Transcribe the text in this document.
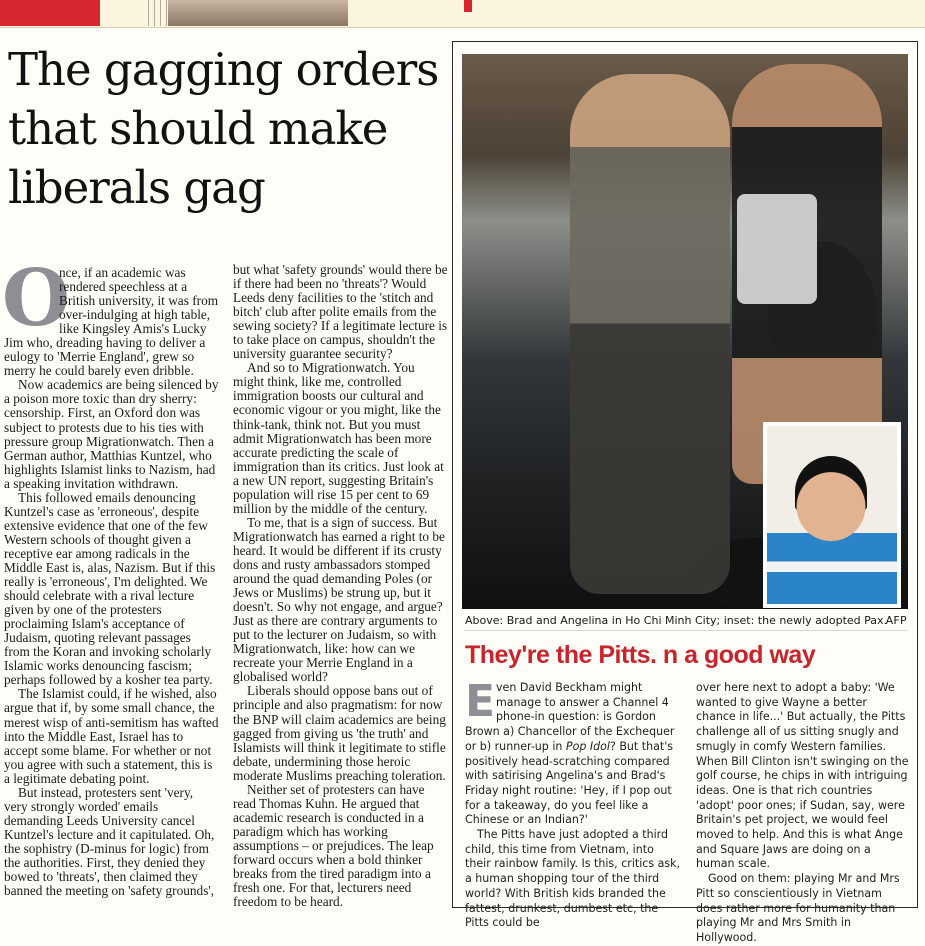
The gagging orders that should make liberals gag

O
nce, if an academic was rendered speechless at a British university, it was from over-indulging at high table, like Kingsley Amis's Lucky Jim who, dreading having to deliver a eulogy to 'Merrie England', grew so merry he could barely even dribble.

Now academics are being silenced by a poison more toxic than dry sherry: censorship. First, an Oxford don was subject to protests due to his ties with pressure group Migrationwatch. Then a German author, Matthias Kuntzel, who highlights Islamist links to Nazism, had a speaking invitation withdrawn.

This followed emails denouncing Kuntzel's case as 'erroneous', despite extensive evidence that one of the few Western schools of thought given a receptive ear among radicals in the Middle East is, alas, Nazism. But if this really is 'erroneous', I'm delighted. We should celebrate with a rival lecture given by one of the protesters proclaiming Islam's acceptance of Judaism, quoting relevant passages from the Koran and invoking scholarly Islamic works denouncing fascism; perhaps followed by a kosher tea party.

The Islamist could, if he wished, also argue that if, by some small chance, the merest wisp of anti-semitism has wafted into the Middle East, Israel has to accept some blame. For whether or not you agree with such a statement, this is a legitimate debating point.

But instead, protesters sent 'very, very strongly worded' emails demanding Leeds University cancel Kuntzel's lecture and it capitulated. Oh, the sophistry (D-minus for logic) from the authorities. First, they denied they bowed to 'threats', then claimed they banned the meeting on 'safety grounds',

but what 'safety grounds' would there be if there had been no 'threats'? Would Leeds deny facilities to the 'stitch and bitch' club after polite emails from the sewing society? If a legitimate lecture is to take place on campus, shouldn't the university guarantee security?

And so to Migrationwatch. You might think, like me, controlled immigration boosts our cultural and economic vigour or you might, like the think-tank, think not. But you must admit Migrationwatch has been more accurate predicting the scale of immigration than its critics. Just look at a new UN report, suggesting Britain's population will rise 15 per cent to 69 million by the middle of the century.

To me, that is a sign of success. But Migrationwatch has earned a right to be heard. It would be different if its crusty dons and rusty ambassadors stomped around the quad demanding Poles (or Jews or Muslims) be strung up, but it doesn't. So why not engage, and argue? Just as there are contrary arguments to put to the lecturer on Judaism, so with Migrationwatch, like: how can we recreate your Merrie England in a globalised world?

Liberals should oppose bans out of principle and also pragmatism: for now the BNP will claim academics are being gagged from giving us 'the truth' and Islamists will think it legitimate to stifle debate, undermining those heroic moderate Muslims preaching toleration.

Neither set of protesters can have read Thomas Kuhn. He argued that academic research is conducted in a paradigm which has working assumptions – or prejudices. The leap forward occurs when a bold thinker breaks from the tired paradigm into a fresh one. For that, lecturers need freedom to be heard.

Above: Brad and Angelina in Ho Chi Minh City; inset: the newly adopted Pax.
AFP
They're the Pitts. n a good way

Even David Beckham might manage to answer a Channel 4 phone-in question: is Gordon Brown a) Chancellor of the Exchequer or b) runner-up in Pop Idol? But that's positively head-scratching compared with satirising Angelina's and Brad's Friday night routine: 'Hey, if I pop out for a takeaway, do you feel like a Chinese or an Indian?'

The Pitts have just adopted a third child, this time from Vietnam, into their rainbow family. Is this, critics ask, a human shopping tour of the third world? With British kids branded the fattest, drunkest, dumbest etc, the Pitts could be

over here next to adopt a baby: 'We wanted to give Wayne a better chance in life...' But actually, the Pitts challenge all of us sitting snugly and smugly in comfy Western families. When Bill Clinton isn't swinging on the golf course, he chips in with intriguing ideas. One is that rich countries 'adopt' poor ones; if Sudan, say, were Britain's pet project, we would feel moved to help. And this is what Ange and Square Jaws are doing on a human scale.

Good on them: playing Mr and Mrs Pitt so conscientiously in Vietnam does rather more for humanity than playing Mr and Mrs Smith in Hollywood.
